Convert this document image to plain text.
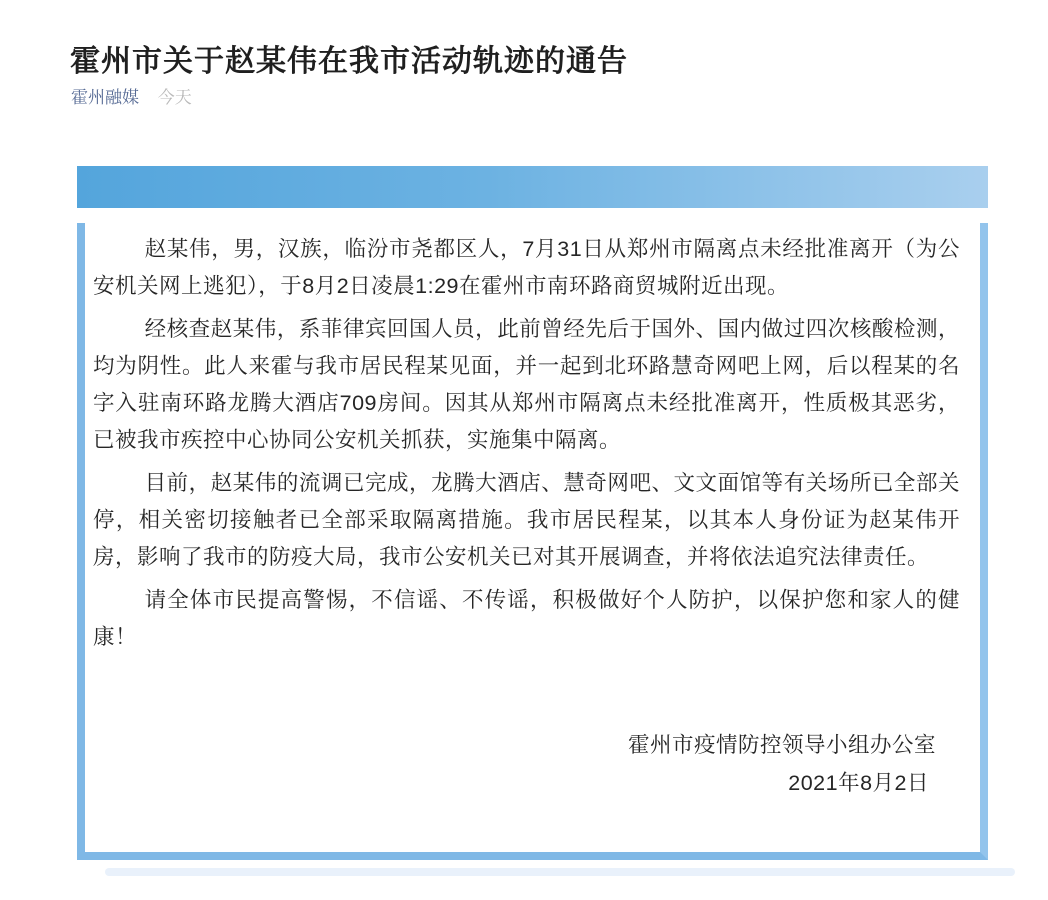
霍州市关于赵某伟在我市活动轨迹的通告
霍州融媒 今天

赵某伟，男，汉族，临汾市尧都区人，7月31日从郑州市隔离点未经批准离开（为公安机关网上逃犯），于8月2日凌晨1:29在霍州市南环路商贸城附近出现。

经核查赵某伟，系菲律宾回国人员，此前曾经先后于国外、国内做过四次核酸检测，均为阴性。此人来霍与我市居民程某见面，并一起到北环路慧奇网吧上网，后以程某的名字入驻南环路龙腾大酒店709房间。因其从郑州市隔离点未经批准离开，性质极其恶劣，已被我市疾控中心协同公安机关抓获，实施集中隔离。

目前，赵某伟的流调已完成，龙腾大酒店、慧奇网吧、文文面馆等有关场所已全部关停，相关密切接触者已全部采取隔离措施。我市居民程某，以其本人身份证为赵某伟开房，影响了我市的防疫大局，我市公安机关已对其开展调查，并将依法追究法律责任。

请全体市民提高警惕，不信谣、不传谣，积极做好个人防护，以保护您和家人的健康！

霍州市疫情防控领导小组办公室
2021年8月2日
